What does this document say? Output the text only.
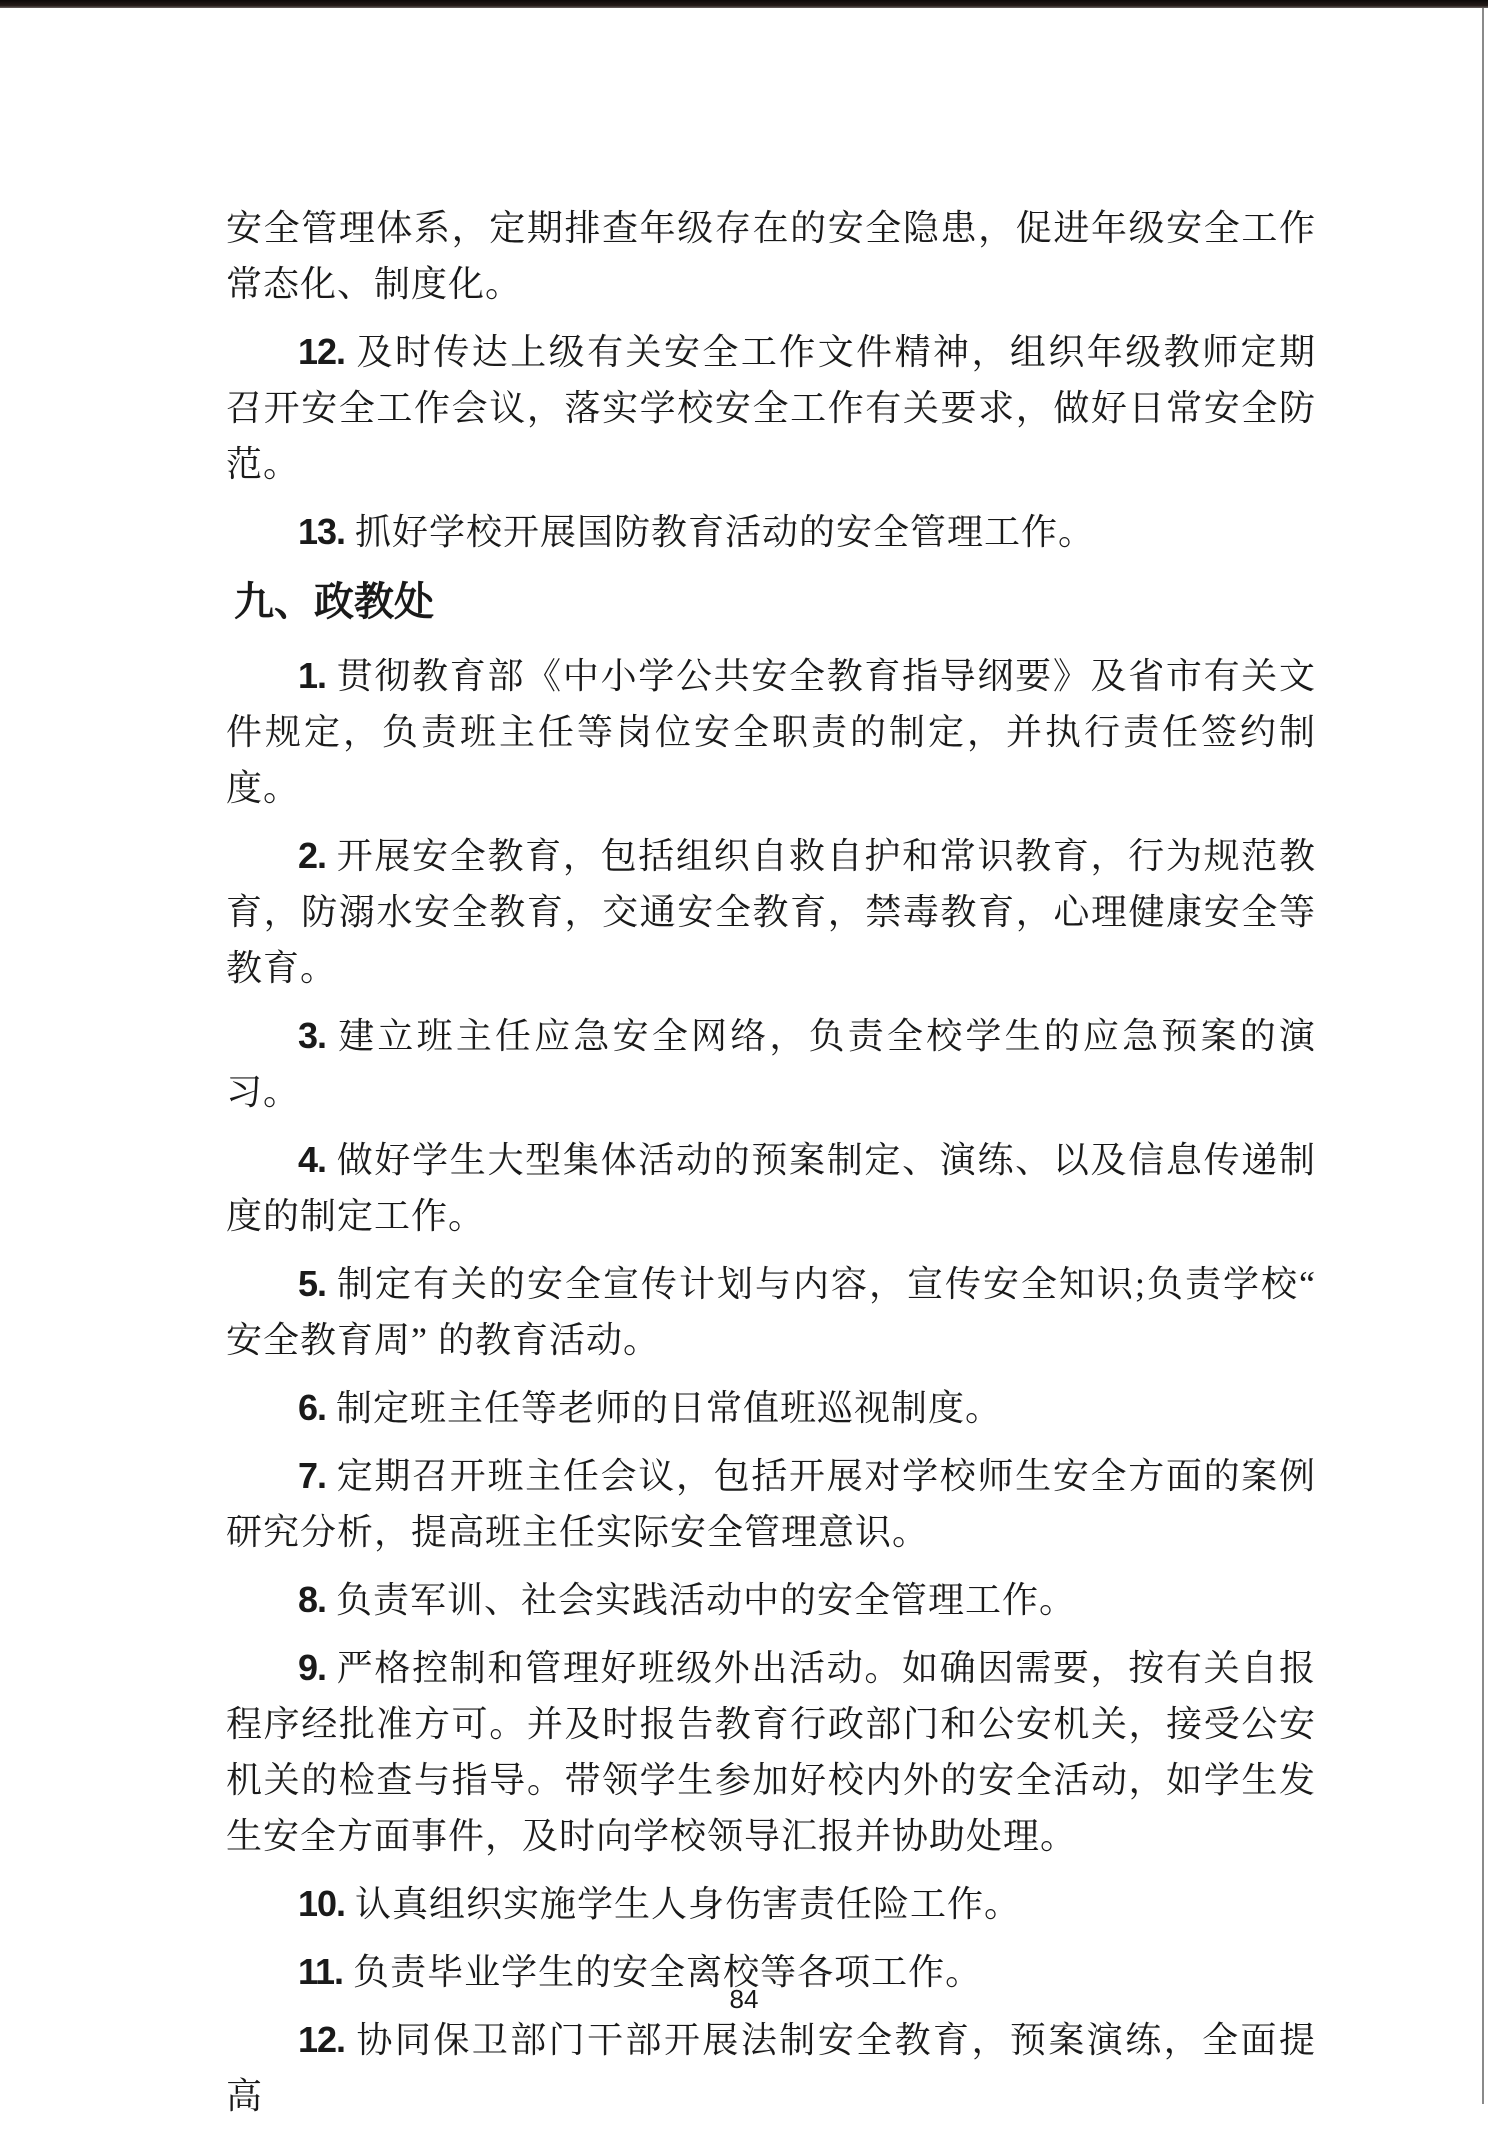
安全管理体系，定期排查年级存在的安全隐患，促进年级安全工作常态化、制度化。

12. 及时传达上级有关安全工作文件精神，组织年级教师定期召开安全工作会议，落实学校安全工作有关要求，做好日常安全防范。

13. 抓好学校开展国防教育活动的安全管理工作。

九、政教处

1. 贯彻教育部《中小学公共安全教育指导纲要》及省市有关文件规定，负责班主任等岗位安全职责的制定，并执行责任签约制度。

2. 开展安全教育，包括组织自救自护和常识教育，行为规范教育，防溺水安全教育，交通安全教育，禁毒教育，心理健康安全等教育。

3. 建立班主任应急安全网络，负责全校学生的应急预案的演习。

4. 做好学生大型集体活动的预案制定、演练、以及信息传递制度的制定工作。

5. 制定有关的安全宣传计划与内容，宣传安全知识;负责学校“ 安全教育周” 的教育活动。

6. 制定班主任等老师的日常值班巡视制度。

7. 定期召开班主任会议，包括开展对学校师生安全方面的案例研究分析，提高班主任实际安全管理意识。

8. 负责军训、社会实践活动中的安全管理工作。

9. 严格控制和管理好班级外出活动。如确因需要，按有关自报程序经批准方可。并及时报告教育行政部门和公安机关，接受公安机关的检查与指导。带领学生参加好校内外的安全活动，如学生发生安全方面事件，及时向学校领导汇报并协助处理。

10. 认真组织实施学生人身伤害责任险工作。

11. 负责毕业学生的安全离校等各项工作。

12. 协同保卫部门干部开展法制安全教育，预案演练，全面提高

84
